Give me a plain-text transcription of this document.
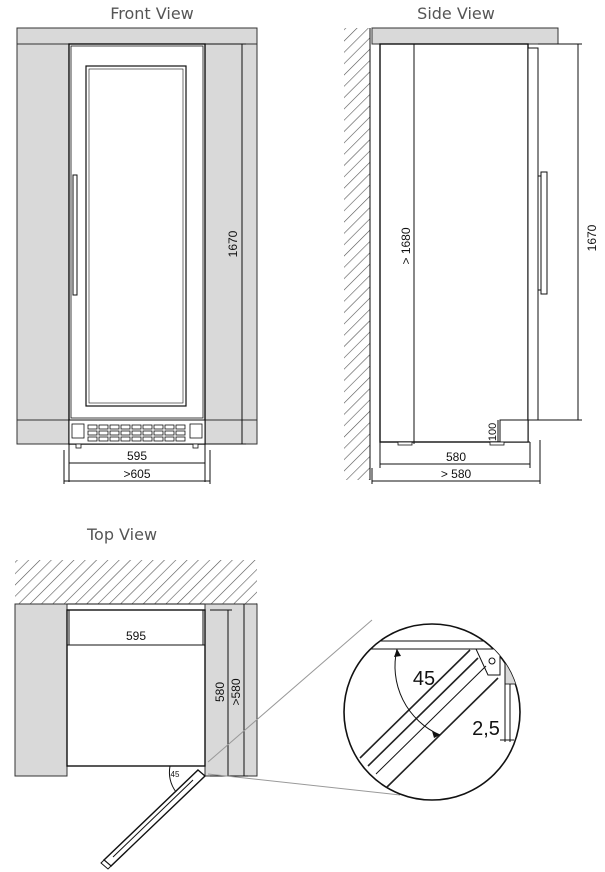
Front View
1670
595
>605
Side View
> 1680	1670
100
580
> 580
Top View
595
580 >580
45
45
2,5
